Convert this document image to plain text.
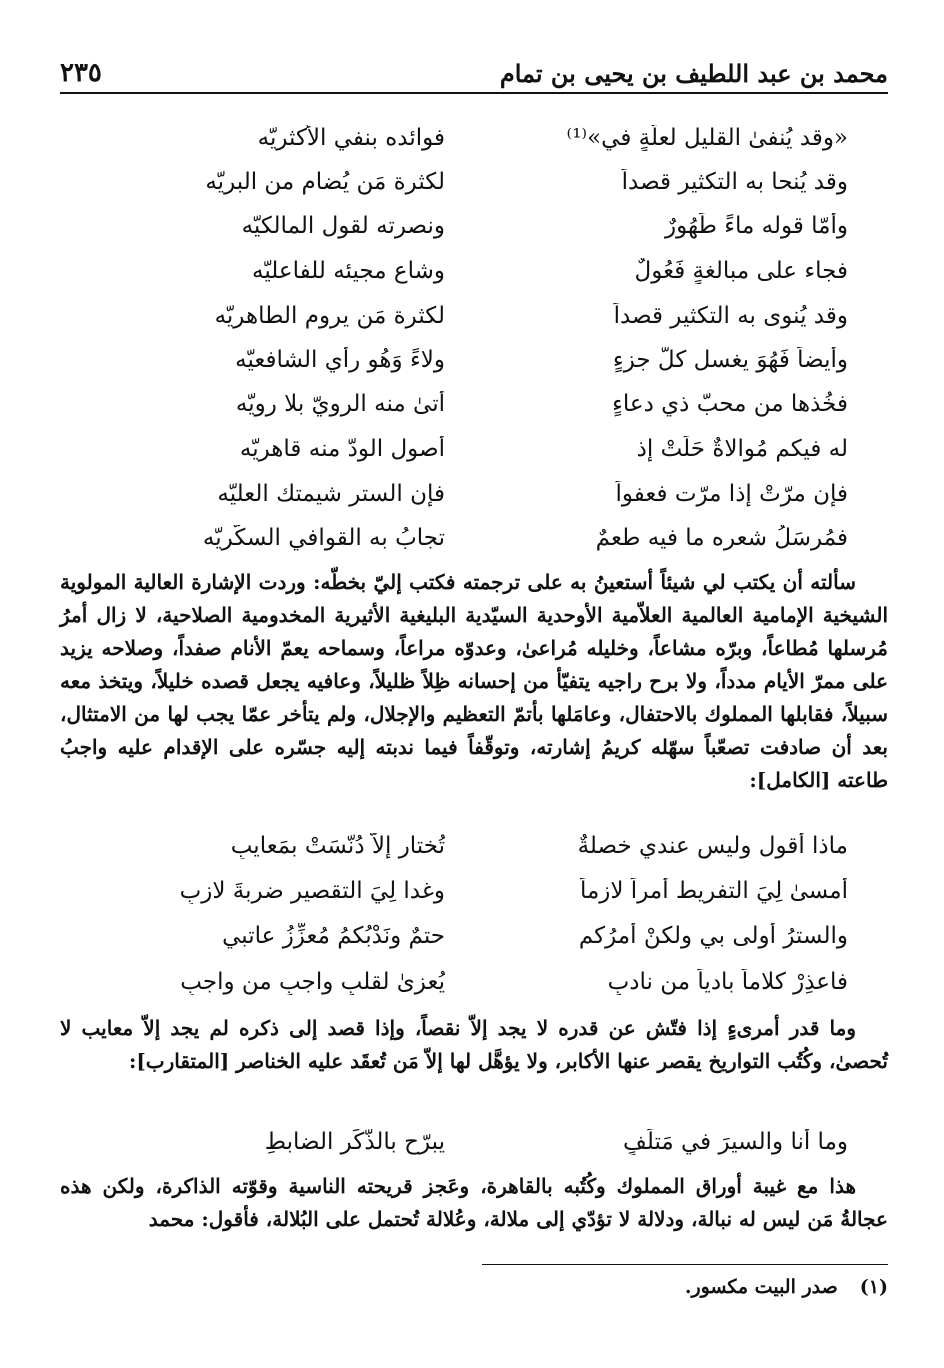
محمد بن عبد اللطيف بن يحيى بن تمام
٢٣٥
«وقد يُنفىٰ القليل لعلّةٍ في»⁽¹⁾
فوائده بنفي الأكثريّه
وقد يُنحا به التكثير قصداً
لكثرة مَن يُضام من البريّه
وأمّا قوله ماءً طَهُورٌ
ونصرته لقول المالكيّه
فجاء على مبالغةٍ فَعُولٌ
وشاع مجيئه للفاعليّه
وقد يُنوى به التكثير قصداً
لكثرة مَن يروم الطاهريّه
وأيضاً فَهُوَ يغسل كلّ جزءٍ
ولاءً وَهُو رأي الشافعيّه
فخُذها من محبّ ذي دعاءٍ
أتىٰ منه الرويّ بلا رويّه
له فيكم مُوالاةٌ حَلَتْ إذ
أصول الودّ منه قاهريّه
فإن مرّتْ إذا مرّت فعفواً
فإن الستر شيمتك العليّه
فمُرسَلُ شعره ما فيه طعمٌ
تجابُ به القوافي السكّريّه

سألته أن يكتب لي شيئاً أستعينُ به على ترجمته فكتب إليّ بخطّه: وردت الإشارة العالية المولوية الشيخية الإمامية العالمية العلاّمية الأوحدية السيّدية البليغية الأثيرية المخدومية الصلاحية، لا زال أمرُ مُرسلها مُطاعاً، وبرّه مشاعاً، وخليله مُراعىٰ، وعدوّه مراعاً، وسماحه يعمّ الأنام صفداً، وصلاحه يزيد على ممرّ الأيام مدداً، ولا برح راجيه يتفيّأ من إحسانه ظِلاً ظليلاً، وعافيه يجعل قصده خليلاً، ويتخذ معه سبيلاً، فقابلها المملوك بالاحتفال، وعامَلها بأتمّ التعظيم والإجلال، ولم يتأخر عمّا يجب لها من الامتثال، بعد أن صادفت تصعّباً سهّله كريمُ إشارته، وتوقّفاً فيما ندبته إليه جسّره على الإقدام عليه واجبُ طاعته [الكامل]:

ماذا أقول وليس عندي خصلةٌ
تُختار إلاّ دُنّسَتْ بمَعايبِ
أمسىٰ لِيَ التفريط أمراً لازماً
وغدا لِيَ التقصير ضربةَ لازبِ
والسترُ أولى بي ولكنْ أمرُكم
حتمٌ ونَدْبُكمُ مُعزِّزُ عاتبي
فاعذِرْ كلاماً بادياً من نادبٍ
يُعزىٰ لقلبٍ واجبٍ من واجبِ

وما قدر أمرىءٍ إذا فتّش عن قدره لا يجد إلاّ نقصاً، وإذا قصد إلى ذكره لم يجد إلاّ معايب لا تُحصىٰ، وكُتُب التواريخ يقصر عنها الأكابر، ولا يؤهَّل لها إلاّ مَن تُعقَد عليه الخناصر [المتقارب]:

وما أنا والسيرَ في مَتلَفٍ
يبرّح بالذَّكَر الضابطِ

هذا مع غيبة أوراق المملوك وكُتُبه بالقاهرة، وعَجز قريحته الناسية وقوّته الذاكرة، ولكن هذه عجالةُ مَن ليس له نبالة، ودلالة لا تؤدّي إلى ملالة، وعُلالة تُحتمل على البُلالة، فأقول: محمد

(١)
صدر البيت مكسور.
